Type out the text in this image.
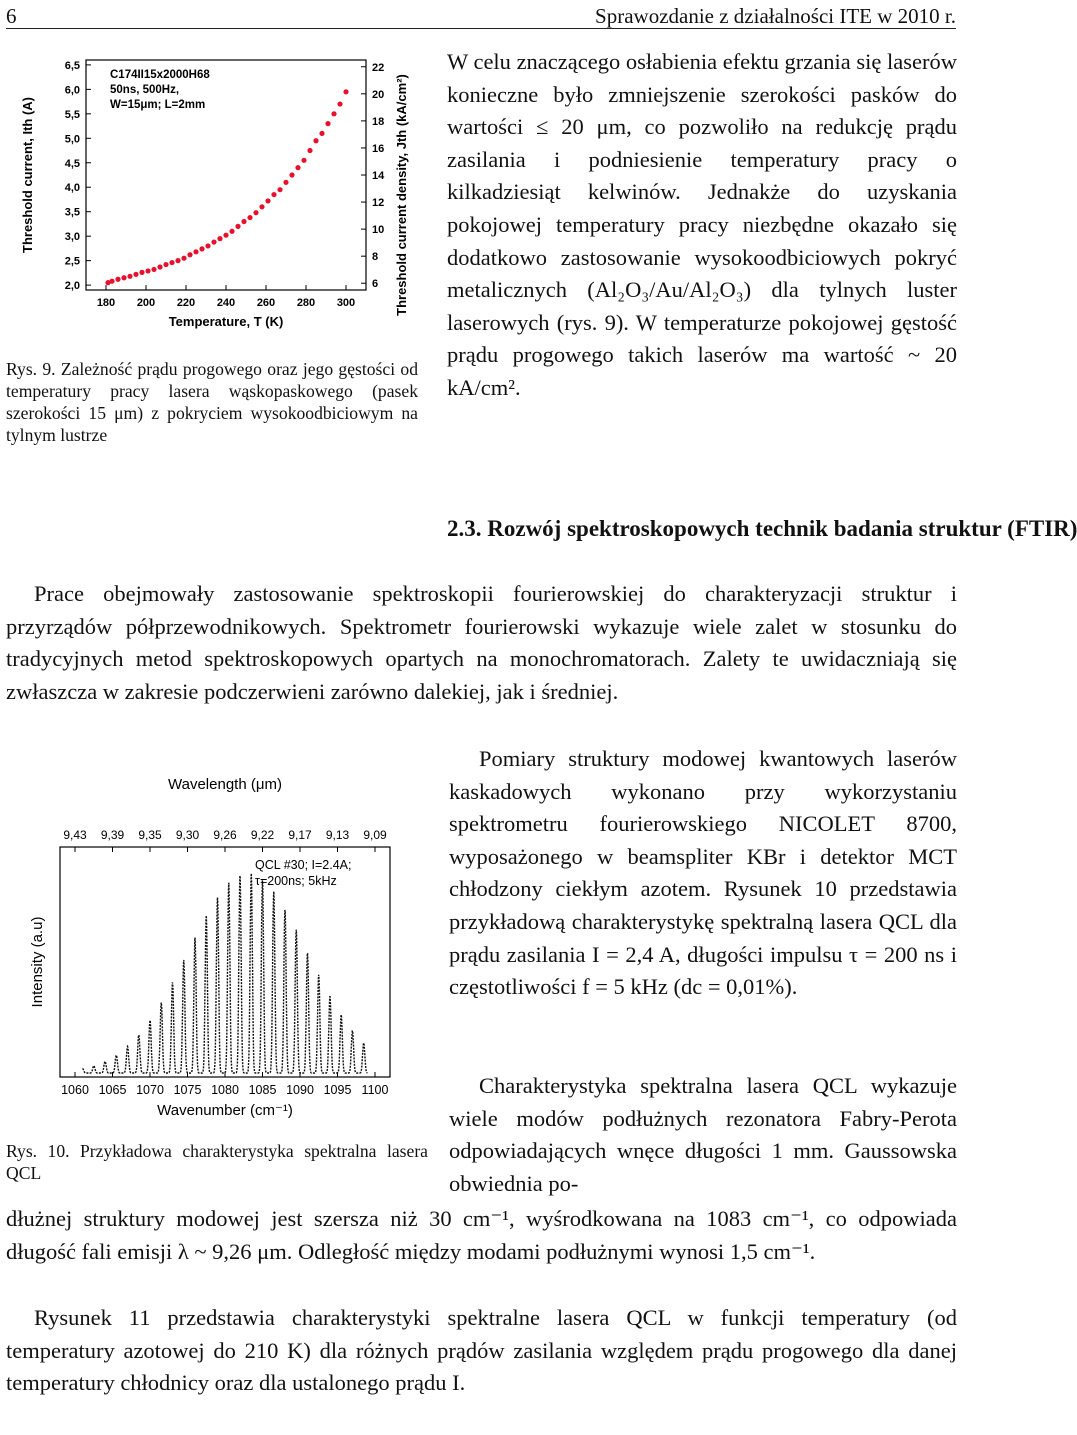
6	Sprawozdanie z działalności ITE w 2010 r.
180 200 220 240 260 280 300
2,0
2,5
3,0
3,5
4,0
4,5
5,0
5,5
6,0
6,5
6
8
10
12
14
16
18
20
22
Temperature, T (K)
Threshold current, Ith (A)	Threshold current density, Jth (kA/cm²)
C174II15x2000H68
50ns, 500Hz,
W=15μm; L=2mm
Rys. 9. Zależność prądu progowego oraz jego gęstości od temperatury pracy lasera wąskopaskowego (pasek szerokości 15 μm) z pokryciem wysokoodbiciowym na tylnym lustrze
W celu znaczącego osłabienia efektu grzania się laserów konieczne było zmniejszenie szerokości pasków do wartości ≤ 20 μm, co pozwoliło na redukcję prądu zasilania i podniesienie temperatury pracy o kilkadziesiąt kelwinów. Jednakże do uzyskania pokojowej temperatury pracy niezbędne okazało się dodatkowo zastosowanie wysokoodbiciowych pokryć metalicznych (Al₂O₃/Au/Al₂O₃) dla tylnych luster laserowych (rys. 9). W temperaturze pokojowej gęstość prądu progowego takich laserów ma wartość ~ 20 kA/cm².
2.3. Rozwój spektroskopowych technik badania struktur (FTIR)
Prace obejmowały zastosowanie spektroskopii fourierowskiej do charakteryzacji struktur i przyrządów półprzewodnikowych. Spektrometr fourierowski wykazuje wiele zalet w stosunku do tradycyjnych metod spektroskopowych opartych na monochromatorach. Zalety te uwidaczniają się zwłaszcza w zakresie podczerwieni zarówno dalekiej, jak i średniej.
Wavelength (μm)
1060
9,43
1065
9,39
1070
9,35
1075
9,30
1080
9,26
1085
9,22
1090
9,17
1095
9,13
1100
9,09
Wavenumber (cm⁻¹)
Intensity (a.u)
QCL #30; I=2.4A;
τ=200ns; 5kHz
Rys. 10. Przykładowa charakterystyka spektralna lasera QCL
Pomiary struktury modowej kwantowych laserów kaskadowych wykonano przy wykorzystaniu spektrometru fourierowskiego NICOLET 8700, wyposażonego w beamspliter KBr i detektor MCT chłodzony ciekłym azotem. Rysunek 10 przedstawia przykładową charakterystykę spektralną lasera QCL dla prądu zasilania I = 2,4 A, długości impulsu τ = 200 ns i częstotliwości f = 5 kHz (dc = 0,01%).
Charakterystyka spektralna lasera QCL wykazuje wiele modów podłużnych rezonatora Fabry-Perota odpowiadających wnęce długości 1 mm. Gaussowska obwiednia po-
dłużnej struktury modowej jest szersza niż 30 cm⁻¹, wyśrodkowana na 1083 cm⁻¹, co odpowiada długość fali emisji λ ~ 9,26 μm. Odległość między modami podłużnymi wynosi 1,5 cm⁻¹.
Rysunek 11 przedstawia charakterystyki spektralne lasera QCL w funkcji temperatury (od temperatury azotowej do 210 K) dla różnych prądów zasilania względem prądu progowego dla danej temperatury chłodnicy oraz dla ustalonego prądu I.
